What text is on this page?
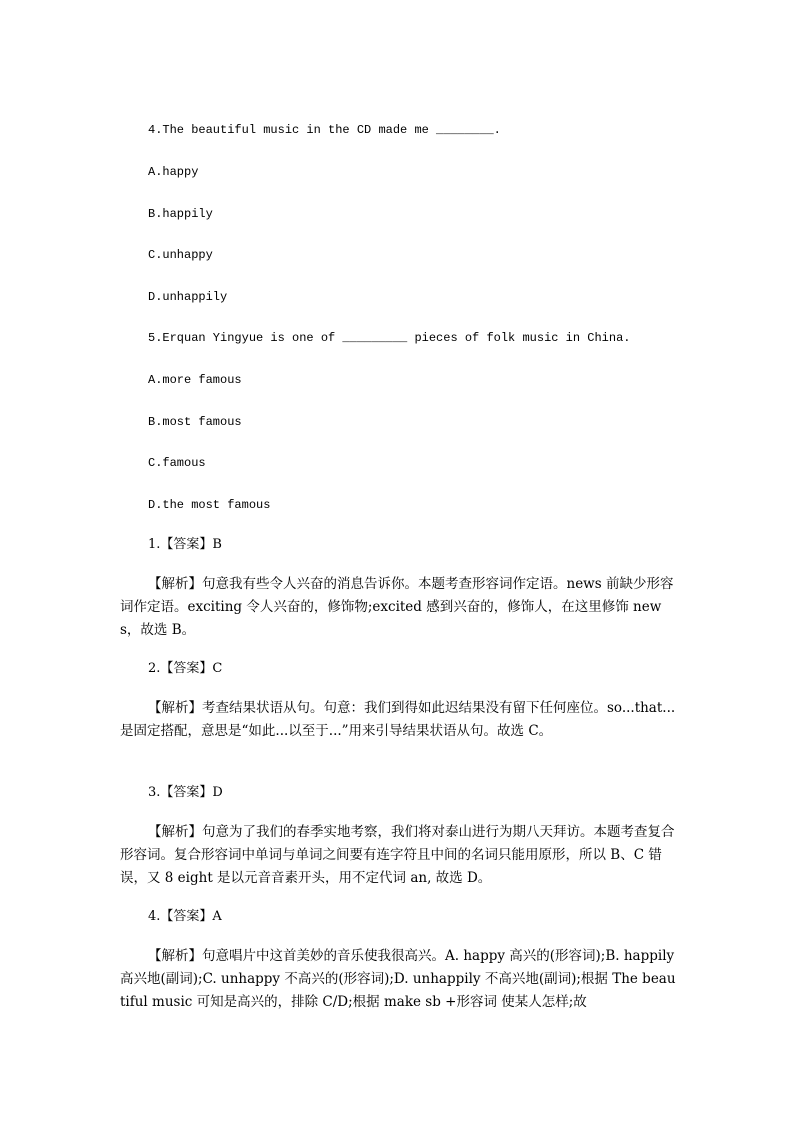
4.The beautiful music in the CD made me ________.

A.happy

B.happily

C.unhappy

D.unhappily

5.Erquan Yingyue is one of _________ pieces of folk music in China.

A.more famous

B.most famous

C.famous

D.the most famous

1.【答案】B

【解析】句意我有些令人兴奋的消息告诉你。本题考查形容词作定语。news 前缺少形容词作定语。exciting 令人兴奋的，修饰物;excited 感到兴奋的，修饰人，在这里修饰 news，故选 B。

2.【答案】C

【解析】考查结果状语从句。句意：我们到得如此迟结果没有留下任何座位。so...that...是固定搭配，意思是“如此...以至于...”用来引导结果状语从句。故选 C。

3.【答案】D

【解析】句意为了我们的春季实地考察，我们将对泰山进行为期八天拜访。本题考查复合形容词。复合形容词中单词与单词之间要有连字符且中间的名词只能用原形，所以 B、C 错误，又 8 eight 是以元音音素开头，用不定代词 an, 故选 D。

4.【答案】A

【解析】句意唱片中这首美妙的音乐使我很高兴。A. happy 高兴的(形容词);B. happily 高兴地(副词);C. unhappy 不高兴的(形容词);D. unhappily 不高兴地(副词);根据 The beautiful music 可知是高兴的，排除 C/D;根据 make sb +形容词 使某人怎样;故
